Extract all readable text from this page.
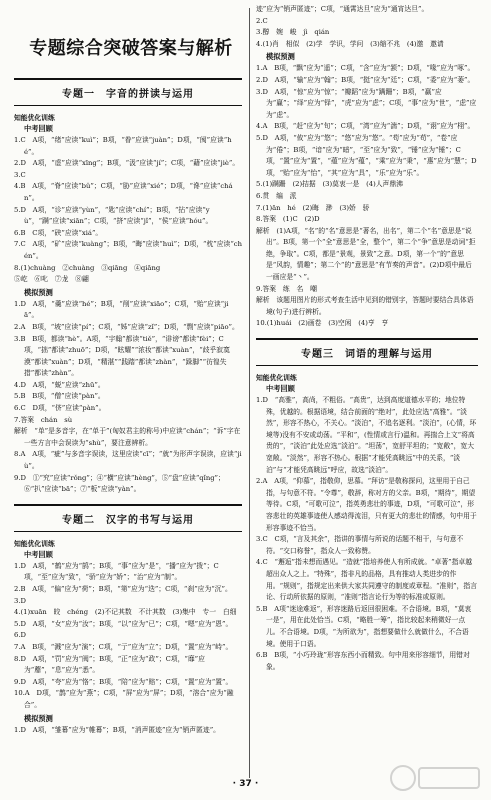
专题综合突破答案与解析
专题一　字音的拼读与运用
知能优化训练
中考回顾

1.C　A项，“绪”应读“kuì”；B项，“眷”应读“juàn”；D项，“阂”应读“hé”。

2.D　A项，“虚”应读“xīng”；B项，“汲”应读“jí”；C项，“藉”应读“jiè”。

3.C

4.B　A项，“脊”应读“bǔ”；C项，“胁”应读“xié”；D项，“谗”应读“chán”。

5.D　A项，“诊”应读“yùn”，“匙”应读“chí”；B项，“拈”应读“yù”，“蹒”应读“xiān”；C项，“挤”应读“jǐ”，“侯”应读“hóu”。

6.B　C项，“硖”应读“xiá”。

7.C　A项，“矿”应读“kuàng”；B项，“晦”应读“huì”；D项，“枕”应读“chén”。

8.(1)chuàng　②chuàng　③qiāng　④qiāng

⑤屹　⑥叱　⑦龙　⑧翩

模拟预测

1.D　A项，“羹”应读“hé”；B项，“削”应读“xiāo”；C项，“贻”应读“jiā”。

2.A　B项，“坡”应读“pí”；C项，“姊”应读“zǐ”；D项，“剽”应读“piāo”。

3.B　B项，都读“hè”。A项，“宇翰”都读“tiě”，“诽谤”都读“fèi”；C项，“拙”都读“zhuō”；D项，“眩耀”“浓妆”都读“xuàn”，“歧乎寂寞漠”都读“xuàn”；D项，“精湛”“践踏”都读“zhàn”，“跺脚”“彷徨失措”都读“zhàn”。

4.D　A项，“蜕”应读“zhū”。

5.B　B项，“僧”应读“pàn”。

6.C　D项，“侪”应读“pàn”。

7.答案　chán　sù

解析　“单”是多音字，在“单于”(匈奴君主的称号)中应读“chán”；“诉”字在一些方言中会误读为“shù”，要注意辨析。

8.A　A项，“疵”与多音字误读，这里应读“cī”；“就”为形声字误读，应读“jiù”。

9.D　①“究”应读“rǒng”；④“横”应读“hèng”，⑤“盘”应读“qǐng”；⑥“扒”应读“bā”；⑦“板”应读“yàn”。

专题二　汉字的书写与运用
知能优化训练
中考回顾

1.D　A项，“鹤”应为“鹄”；B项，“事”应为“是”，“播”应为“拨”；C项，“至”应为“致”，“骄”应为“娇”；“治”应为“制”。

2.B　A项，“偏”应为“荷”；B项，“第”应为“迭”；C项，“刹”应为“沉”。

3.D

4.(1)xuān　皎　chéng　(2)不记其数　不计其数　(3)集中　专一　白细

5.D　A项，“女”应为“汝”；B项，“以”应为“已”；C项，“嗯”应为“恩”。

6.D

7.A　B项，“溅”应为“演”；C项，“亍”应为“立”；D项，“置”应为“峙”。

8.D　A项，“罚”应为“阀”；B项，“正”应为“政”；C项，“靡”应为“蘼”，“息”应为“悉”。

9.D　A项，“夸”应为“恪”；B项，“陪”应为“赔”；C项，“置”应为“置”。

10.A　D项，“鹊”应为“燕”；C项，“屏”应为“屏”；D项，“溶合”应为“融合”。

模拟预测

1.D　A项，“雏幕”应为“帷幕”；B项，“消声匿迹”应为“销声匿迹”。

迹”应为“销声匿迹”；C项，“通霄达旦”应为“通宵达旦”。

2.C

3.醇　婉　峻　jì　qián

4.(1)肖　相似　(2)学　学识，学问　(3)缩不兆　(4)邀　邀请

模拟预测

1.A　B项，“飘”应为“遥”；C项，“含”应为“颔”；D项，“喙”应为“啄”。

2.D　A项，“输”应为“翰”；B项，“挺”应为“廷”；C项，“委”应为“萎”。

3.D　A项，“惊”应为“惊”；“瓣蹈”应为“蹒跚”；B项，“赢”应为“赢”；“绎”应为“铎”，“虎”应为“虑”；C项，“事”应为“世”，“虑”应为“虑”。

4.A　B项，“赶”应为“旬”；C项，“湾”应为“湍”；D项，“诩”应为“栩”。

5.D　A项，“攸”应为“悠”；“悠”应为“悠”。“苟”应为“苟”，“卷”应为“倦”；B项，“谙”应为“暗”，“至”应为“致”，“锤”应为“锤”；C项，“置”应为“置”，“蕴”应为“蕴”，“乘”应为“秉”，“惠”应为“慧”；D项，“贻”应为“怡”，“其”应为“具”，“乐”应为“乐”。

5.(1)蹒跚　(2)拮据　(3)莫衷一是　(4)人声鼎沸

6.贯　编　派

7.(1)ān　hé　(2)晦　渺　(3)娇　骄

8.答案　(1)C　(2)D

解析　(1)A项，“名”的“名”意思是“著名，出名”，第二个“名”意思是“说出”。B项，第一个“全”意思是“全，整个”，第二个“争”意思是动词“拒绝，争取”。C项，都是“景观，景致”之意。D项，第一个“的”意思是“风韵，情趣”；第二个“的”意思是“有节奏的声音”。(2)D项中最后一画应是“丶”。

9.答案　练　名　嘲

解析　该题用图片的形式考查生活中见到的错别字，答题时要结合具体语境(句子)进行辨析。

10.(1)huái　(2)画卷　(3)空闲　(4)亨　亨

专题三　词语的理解与运用
知能优化训练
中考回顾

1.D　“高雅”，高尚，不粗俗。“高贵”，达到高度道德水平的；地位特殊，优越的。根据语境，结合前面的“绝对”，此处应选“高雅”。“淡然”，形容不热心，不关心。“淡泊”，不追名逐利。“淡泊”，(心情，环境等)没有不安或动荡。“平和”，(性情或言行)温和。再揣合上文“将高贵的”，“淡泊”此处应选“淡泊”。“坦荡”，宽舒平坦的；“宽敞”，宽大宽敞。“淡然”，形容不热心。根据“才能凭高眺远”中的关系，“淡泊”与“才能凭高眺远”呼应，故选“淡泊”。

2.A　A项，“仰慕”，指敬仰，思慕。“拜访”是敬称探问，这里用于自己指，与句意不符。“令尊”，敬辞，称对方的父亲。B项，“期待”，期望等待。C项，“可歌可泣”，指英勇悲壮的事迹，D项，“可歌可泣”，形容悲壮的英雄事迹使人感动得流泪，只有更大的悲壮的情感，句中用于形容事迹不恰当。

3.C　C项，“言及其余”，指讲的事情与所说的话题不相干，与句意不符。“交口称誉”，指众人一致称赞。

4.C　“邂逅”指未想而遇见。“造就”指培养使人有所成就。“卓著”指卓越超出众人之上。“特殊”，指非凡的品格，具有推动人类进步的作用。“规则”，指规定出来供大家共同遵守的制度或章程。“准则”，指言论、行动所依据的原则，“准则”指言论行为等的标准或原则。

5.B　A项“迷途难返”，形容迷路后返回很困难。不合语境。B项，“莫衷一是”，用在此处恰当。C项，“略胜一筹”，指比较起来稍微好一点儿。不合语境。D项，“为所欲为”，指想要做什么就做什么，不合语境。使用于口语。

6.B　B项，“小巧玲珑”形容东西小而精致。句中用来形容细节，用错对象。

· 37 ·
